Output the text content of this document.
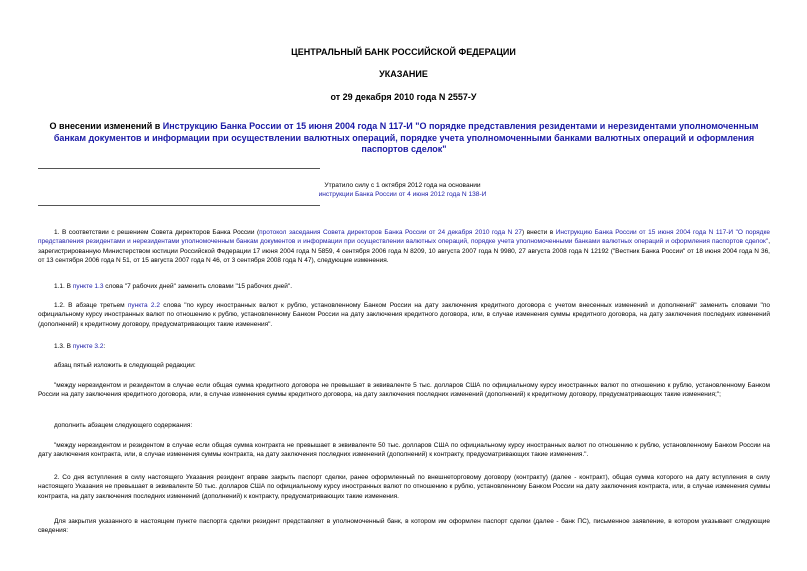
ЦЕНТРАЛЬНЫЙ БАНК РОССИЙСКОЙ ФЕДЕРАЦИИ
УКАЗАНИЕ
от 29 декабря 2010 года N 2557-У
О внесении изменений в Инструкцию Банка России от 15 июня 2004 года N 117-И "О порядке представления резидентами и нерезидентами уполномоченным банкам документов и информации при осуществлении валютных операций, порядке учета уполномоченными банками валютных операций и оформления паспортов сделок"
Утратило силу с 1 октября 2012 года на основании
инструкции Банка России от 4 июня 2012 года N 138-И
1. В соответствии с решением Совета директоров Банка России (протокол заседания Совета директоров Банка России от 24 декабря 2010 года N 27) внести в Инструкцию Банка России от 15 июня 2004 года N 117-И "О порядке представления резидентами и нерезидентами уполномоченным банкам документов и информации при осуществлении валютных операций, порядке учета уполномоченными банками валютных операций и оформления паспортов сделок", зарегистрированную Министерством юстиции Российской Федерации 17 июня 2004 года N 5859, 4 сентября 2006 года N 8209, 10 августа 2007 года N 9980, 27 августа 2008 года N 12192 ("Вестник Банка России" от 18 июня 2004 года N 36, от 13 сентября 2006 года N 51, от 15 августа 2007 года N 46, от 3 сентября 2008 года N 47), следующие изменения.
1.1. В пункте 1.3 слова "7 рабочих дней" заменить словами "15 рабочих дней".
1.2. В абзаце третьем пункта 2.2 слова "по курсу иностранных валют к рублю, установленному Банком России на дату заключения кредитного договора с учетом внесенных изменений и дополнений" заменить словами "по официальному курсу иностранных валют по отношению к рублю, установленному Банком России на дату заключения кредитного договора, или, в случае изменения суммы кредитного договора, на дату заключения последних изменений (дополнений) к кредитному договору, предусматривающих такие изменения".
1.3. В пункте 3.2:
абзац пятый изложить в следующей редакции:
"между нерезидентом и резидентом в случае если общая сумма кредитного договора не превышает в эквиваленте 5 тыс. долларов США по официальному курсу иностранных валют по отношению к рублю, установленному Банком России на дату заключения кредитного договора, или, в случае изменения суммы кредитного договора, на дату заключения последних изменений (дополнений) к кредитному договору, предусматривающих такие изменения;";
дополнить абзацем следующего содержания:
"между нерезидентом и резидентом в случае если общая сумма контракта не превышает в эквиваленте 50 тыс. долларов США по официальному курсу иностранных валют по отношению к рублю, установленному Банком России на дату заключения контракта, или, в случае изменения суммы контракта, на дату заключения последних изменений (дополнений) к контракту, предусматривающих такие изменения.".
2. Со дня вступления в силу настоящего Указания резидент вправе закрыть паспорт сделки, ранее оформленный по внешнеторговому договору (контракту) (далее - контракт), общая сумма которого на дату вступления в силу настоящего Указания не превышает в эквиваленте 50 тыс. долларов США по официальному курсу иностранных валют по отношению к рублю, установленному Банком России на дату заключения контракта, или, в случае изменения суммы контракта, на дату заключения последних изменений (дополнений) к контракту, предусматривающих такие изменения.
Для закрытия указанного в настоящем пункте паспорта сделки резидент представляет в уполномоченный банк, в котором им оформлен паспорт сделки (далее - банк ПС), письменное заявление, в котором указывает следующие сведения:
